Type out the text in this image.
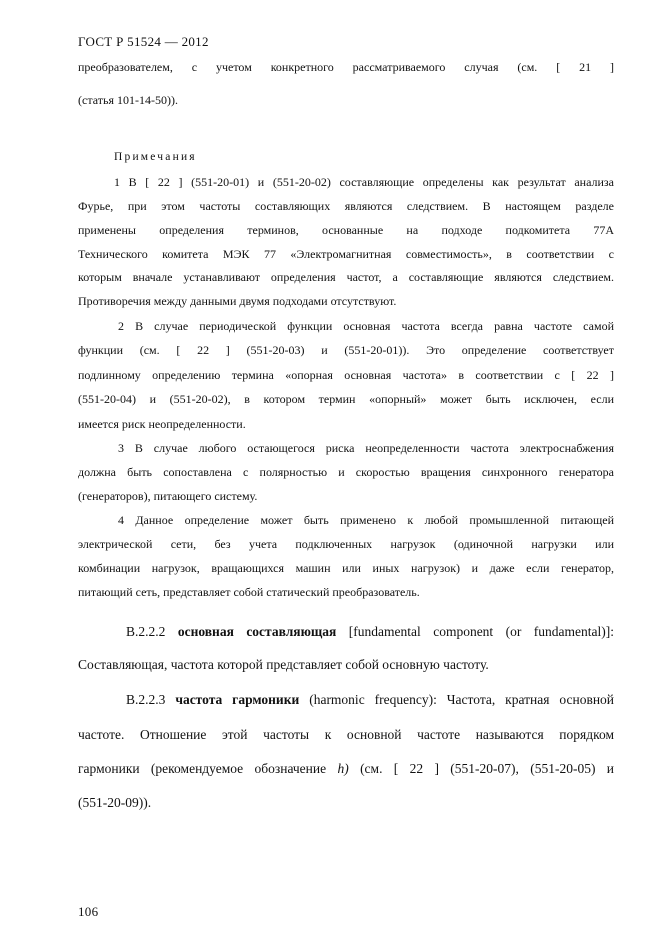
ГОСТ Р 51524 — 2012
преобразователем, с учетом конкретного рассматриваемого случая (см. [ 21 ]
(статья 101-14-50)).
Примечания
1 В [ 22 ] (551-20-01) и (551-20-02) составляющие определены как результат анализа
Фурье, при этом частоты составляющих являются следствием. В настоящем разделе
применены определения терминов, основанные на подходе подкомитета 77А
Технического комитета МЭК 77 «Электромагнитная совместимость», в соответствии с
которым вначале устанавливают определения частот, а составляющие являются следствием.
Противоречия между данными двумя подходами отсутствуют.
2 В случае периодической функции основная частота всегда равна частоте самой
функции (см. [ 22 ] (551-20-03) и (551-20-01)). Это определение соответствует
подлинному определению термина «опорная основная частота» в соответствии с [ 22 ]
(551-20-04) и (551-20-02), в котором термин «опорный» может быть исключен, если
имеется риск неопределенности.
3 В случае любого остающегося риска неопределенности частота электроснабжения
должна быть сопоставлена с полярностью и скоростью вращения синхронного генератора
(генераторов), питающего систему.
4 Данное определение может быть применено к любой промышленной питающей
электрической сети, без учета подключенных нагрузок (одиночной нагрузки или
комбинации нагрузок, вращающихся машин или иных нагрузок) и даже если генератор,
питающий сеть, представляет собой статический преобразователь.
B.2.2.2 основная составляющая [fundamental component (or fundamental)]:
Составляющая, частота которой представляет собой основную частоту.
B.2.2.3 частота гармоники (harmonic frequency): Частота, кратная основной
частоте. Отношение этой частоты к основной частоте называются порядком
гармоники (рекомендуемое обозначение h) (см. [ 22 ] (551-20-07), (551-20-05) и
(551-20-09)).
106
